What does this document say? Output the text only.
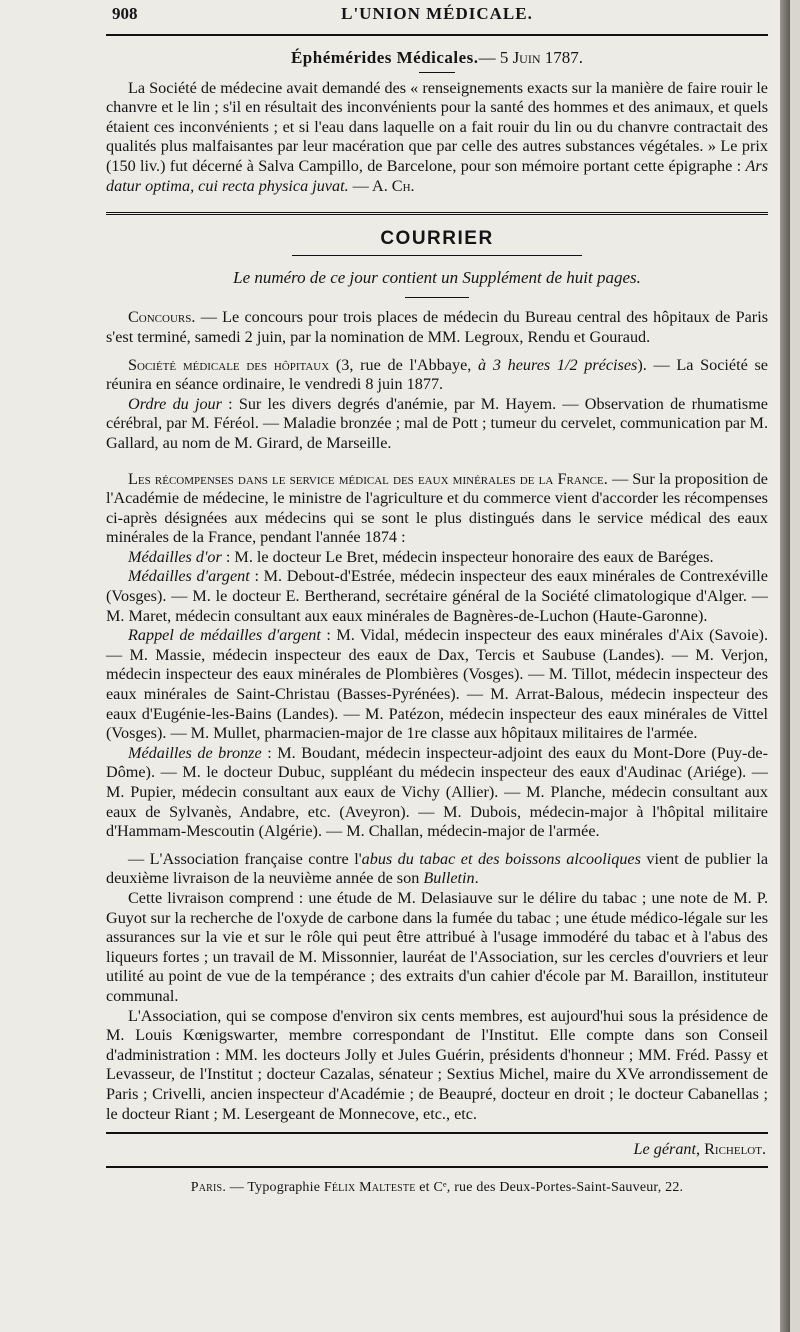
908	L'UNION MÉDICALE.
Éphémérides Médicales.— 5 Juin 1787.

La Société de médecine avait demandé des « renseignements exacts sur la manière de faire rouir le chanvre et le lin ; s'il en résultait des inconvénients pour la santé des hommes et des animaux, et quels étaient ces inconvénients ; et si l'eau dans laquelle on a fait rouir du lin ou du chanvre contractait des qualités plus malfaisantes par leur macération que par celle des autres substances végétales. » Le prix (150 liv.) fut décerné à Salva Campillo, de Barcelone, pour son mémoire portant cette épigraphe : Ars datur optima, cui recta physica juvat. — A. Ch.

COURRIER
Le numéro de ce jour contient un Supplément de huit pages.

Concours. — Le concours pour trois places de médecin du Bureau central des hôpitaux de Paris s'est terminé, samedi 2 juin, par la nomination de MM. Legroux, Rendu et Gouraud.

Société médicale des hôpitaux (3, rue de l'Abbaye, à 3 heures 1/2 précises). — La Société se réunira en séance ordinaire, le vendredi 8 juin 1877.

Ordre du jour : Sur les divers degrés d'anémie, par M. Hayem. — Observation de rhumatisme cérébral, par M. Féréol. — Maladie bronzée ; mal de Pott ; tumeur du cervelet, communication par M. Gallard, au nom de M. Girard, de Marseille.

Les récompenses dans le service médical des eaux minérales de la France. — Sur la proposition de l'Académie de médecine, le ministre de l'agriculture et du commerce vient d'accorder les récompenses ci-après désignées aux médecins qui se sont le plus distingués dans le service médical des eaux minérales de la France, pendant l'année 1874 :

Médailles d'or : M. le docteur Le Bret, médecin inspecteur honoraire des eaux de Baréges.

Médailles d'argent : M. Debout-d'Estrée, médecin inspecteur des eaux minérales de Contrexéville (Vosges). — M. le docteur E. Bertherand, secrétaire général de la Société climatologique d'Alger. — M. Maret, médecin consultant aux eaux minérales de Bagnères-de-Luchon (Haute-Garonne).

Rappel de médailles d'argent : M. Vidal, médecin inspecteur des eaux minérales d'Aix (Savoie). — M. Massie, médecin inspecteur des eaux de Dax, Tercis et Saubuse (Landes). — M. Verjon, médecin inspecteur des eaux minérales de Plombières (Vosges). — M. Tillot, médecin inspecteur des eaux minérales de Saint-Christau (Basses-Pyrénées). — M. Arrat-Balous, médecin inspecteur des eaux d'Eugénie-les-Bains (Landes). — M. Patézon, médecin inspecteur des eaux minérales de Vittel (Vosges). — M. Mullet, pharmacien-major de 1re classe aux hôpitaux militaires de l'armée.

Médailles de bronze : M. Boudant, médecin inspecteur-adjoint des eaux du Mont-Dore (Puy-de-Dôme). — M. le docteur Dubuc, suppléant du médecin inspecteur des eaux d'Audinac (Ariége). — M. Pupier, médecin consultant aux eaux de Vichy (Allier). — M. Planche, médecin consultant aux eaux de Sylvanès, Andabre, etc. (Aveyron). — M. Dubois, médecin-major à l'hôpital militaire d'Hammam-Mescoutin (Algérie). — M. Challan, médecin-major de l'armée.

— L'Association française contre l'abus du tabac et des boissons alcooliques vient de publier la deuxième livraison de la neuvième année de son Bulletin.

Cette livraison comprend : une étude de M. Delasiauve sur le délire du tabac ; une note de M. P. Guyot sur la recherche de l'oxyde de carbone dans la fumée du tabac ; une étude médico-légale sur les assurances sur la vie et sur le rôle qui peut être attribué à l'usage immodéré du tabac et à l'abus des liqueurs fortes ; un travail de M. Missonnier, lauréat de l'Association, sur les cercles d'ouvriers et leur utilité au point de vue de la tempérance ; des extraits d'un cahier d'école par M. Baraillon, instituteur communal.

L'Association, qui se compose d'environ six cents membres, est aujourd'hui sous la présidence de M. Louis Kœnigswarter, membre correspondant de l'Institut. Elle compte dans son Conseil d'administration : MM. les docteurs Jolly et Jules Guérin, présidents d'honneur ; MM. Fréd. Passy et Levasseur, de l'Institut ; docteur Cazalas, sénateur ; Sextius Michel, maire du XVe arrondissement de Paris ; Crivelli, ancien inspecteur d'Académie ; de Beaupré, docteur en droit ; le docteur Cabanellas ; le docteur Riant ; M. Lesergeant de Monnecove, etc., etc.

Le gérant, Richelot.
Paris. — Typographie Félix Malteste et Cᵉ, rue des Deux-Portes-Saint-Sauveur, 22.
